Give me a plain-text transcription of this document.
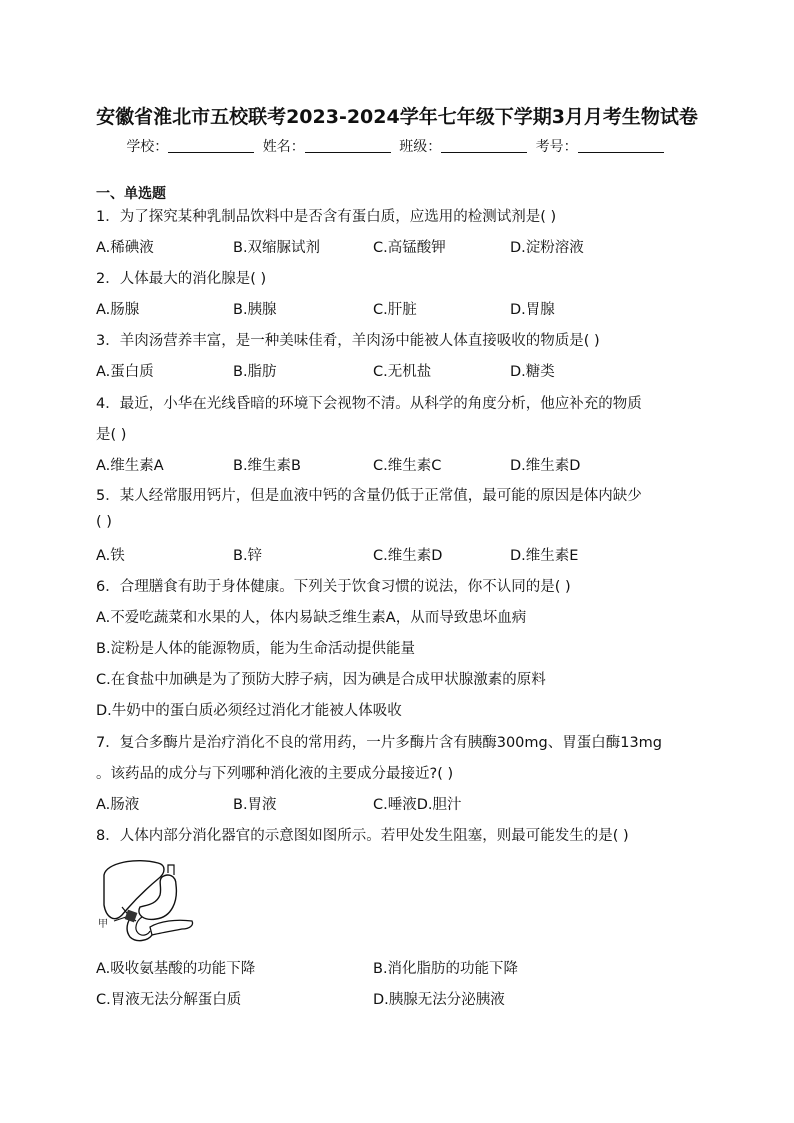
安徽省淮北市五校联考2023-2024学年七年级下学期3月月考生物试卷
学校：	姓名：	班级：	考号：
一、单选题
1．为了探究某种乳制品饮料中是否含有蛋白质，应选用的检测试剂是( )
A.稀碘液	B.双缩脲试剂	C.高锰酸钾	D.淀粉溶液
2．人体最大的消化腺是( )
A.肠腺	B.胰腺	C.肝脏	D.胃腺
3．羊肉汤营养丰富，是一种美味佳肴，羊肉汤中能被人体直接吸收的物质是( )
A.蛋白质	B.脂肪	C.无机盐	D.糖类
4．最近，小华在光线昏暗的环境下会视物不清。从科学的角度分析，他应补充的物质
是( )
A.维生素A	B.维生素B	C.维生素C	D.维生素D
5．某人经常服用钙片，但是血液中钙的含量仍低于正常值，最可能的原因是体内缺少
( )
A.铁	B.锌	C.维生素D	D.维生素E
6．合理膳食有助于身体健康。下列关于饮食习惯的说法，你不认同的是( )
A.不爱吃蔬菜和水果的人，体内易缺乏维生素A，从而导致患坏血病
B.淀粉是人体的能源物质，能为生命活动提供能量
C.在食盐中加碘是为了预防大脖子病，因为碘是合成甲状腺激素的原料
D.牛奶中的蛋白质必须经过消化才能被人体吸收
7．复合多酶片是治疗消化不良的常用药，一片多酶片含有胰酶300mg、胃蛋白酶13mg
。该药品的成分与下列哪种消化液的主要成分最接近?( )
A.肠液	B.胃液	C.唾液D.胆汁
8．人体内部分消化器官的示意图如图所示。若甲处发生阻塞，则最可能发生的是( )
甲
A.吸收氨基酸的功能下降	B.消化脂肪的功能下降
C.胃液无法分解蛋白质	D.胰腺无法分泌胰液
